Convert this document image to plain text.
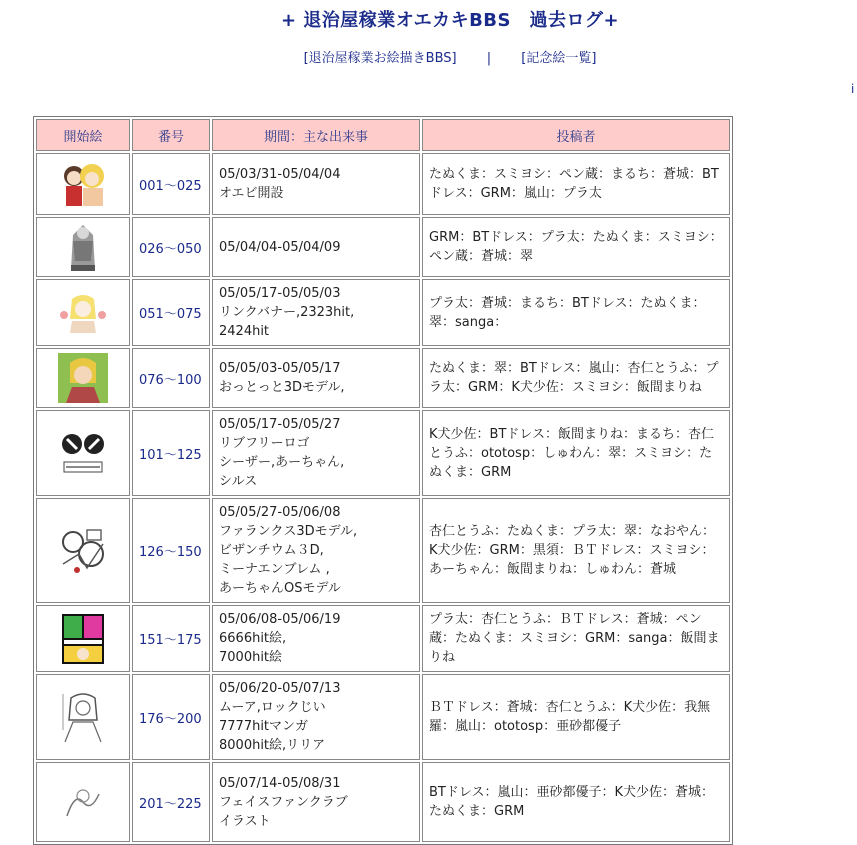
+ 退治屋稼業オエカキBBS　過去ログ+
[退治屋稼業お絵描きBBS] | [記念絵一覧]
i
開始絵	番号	期間：主な出来事	投稿者

	001～025	05/03/31-05/04/04
オエビ開設	たぬくま：スミヨシ：ペン蔵：まるち：蒼城：BTドレス：GRM：嵐山：プラ太

	026～050	05/04/04-05/04/09	GRM：BTドレス：プラ太：たぬくま：スミヨシ：ペン蔵：蒼城：翠

	051～075	05/05/17-05/05/03
リンクバナー,2323hit,
2424hit	プラ太：蒼城：まるち：BTドレス：たぬくま：翠：sanga：

	076～100	05/05/03-05/05/17
おっとっと3Dモデル,	たぬくま：翠：BTドレス：嵐山：杏仁とうふ：プラ太：GRM：K犬少佐：スミヨシ：飯間まりね

	101～125	05/05/17-05/05/27
リブフリーロゴ
シーザー,あーちゃん,
シルス	K犬少佐：BTドレス：飯間まりね：まるち：杏仁とうふ：ototosp：しゅわん：翠：スミヨシ：たぬくま：GRM

	126～150	05/05/27-05/06/08
ファランクス3Dモデル,
ビザンチウム３D,
ミーナエンブレム ,
あーちゃんOSモデル	杏仁とうふ：たぬくま：プラ太：翠：なおやん：K犬少佐：GRM：黒須：ＢＴドレス：スミヨシ：あーちゃん：飯間まりね：しゅわん：蒼城

	151～175	05/06/08-05/06/19
6666hit絵,
7000hit絵	プラ太：杏仁とうふ：ＢＴドレス：蒼城：ペン蔵：たぬくま：スミヨシ：GRM：sanga：飯間まりね

	176～200	05/06/20-05/07/13
ムーア,ロックじい
7777hitマンガ
8000hit絵,リリア	ＢＴドレス：蒼城：杏仁とうふ：K犬少佐：我無羅：嵐山：ototosp：亜砂都優子

	201～225	05/07/14-05/08/31
フェイスファンクラブ
イラスト	BTドレス：嵐山：亜砂都優子：K犬少佐：蒼城：たぬくま：GRM
